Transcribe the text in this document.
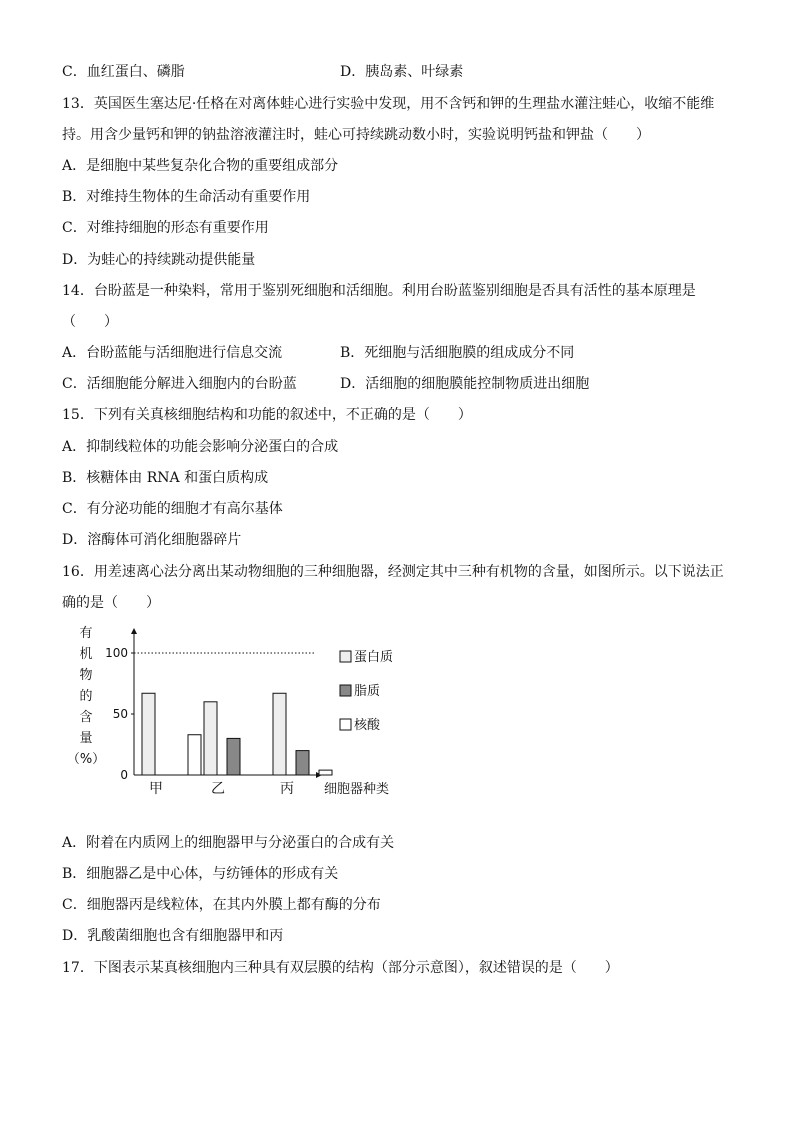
C．血红蛋白、磷脂	D．胰岛素、叶绿素
13．英国医生塞达尼·任格在对离体蛙心进行实验中发现，用不含钙和钾的生理盐水灌注蛙心，收缩不能维
持。用含少量钙和钾的钠盐溶液灌注时，蛙心可持续跳动数小时，实验说明钙盐和钾盐（　　）
A．是细胞中某些复杂化合物的重要组成部分
B．对维持生物体的生命活动有重要作用
C．对维持细胞的形态有重要作用
D．为蛙心的持续跳动提供能量
14．台盼蓝是一种染料，常用于鉴别死细胞和活细胞。利用台盼蓝鉴别细胞是否具有活性的基本原理是
（　　）
A．台盼蓝能与活细胞进行信息交流	B．死细胞与活细胞膜的组成成分不同
C．活细胞能分解进入细胞内的台盼蓝	D．活细胞的细胞膜能控制物质进出细胞
15．下列有关真核细胞结构和功能的叙述中，不正确的是（　　）
A．抑制线粒体的功能会影响分泌蛋白的合成
B．核糖体由 RNA 和蛋白质构成
C．有分泌功能的细胞才有高尔基体
D．溶酶体可消化细胞器碎片
16．用差速离心法分离出某动物细胞的三种细胞器，经测定其中三种有机物的含量，如图所示。以下说法正
确的是（　　）
有
机
物
的
含
量
（%）
细胞器种类
100
50
0
甲	乙	丙
蛋白质
脂质
核酸
A．附着在内质网上的细胞器甲与分泌蛋白的合成有关
B．细胞器乙是中心体，与纺锤体的形成有关
C．细胞器丙是线粒体，在其内外膜上都有酶的分布
D．乳酸菌细胞也含有细胞器甲和丙
17．下图表示某真核细胞内三种具有双层膜的结构（部分示意图），叙述错误的是（　　）
